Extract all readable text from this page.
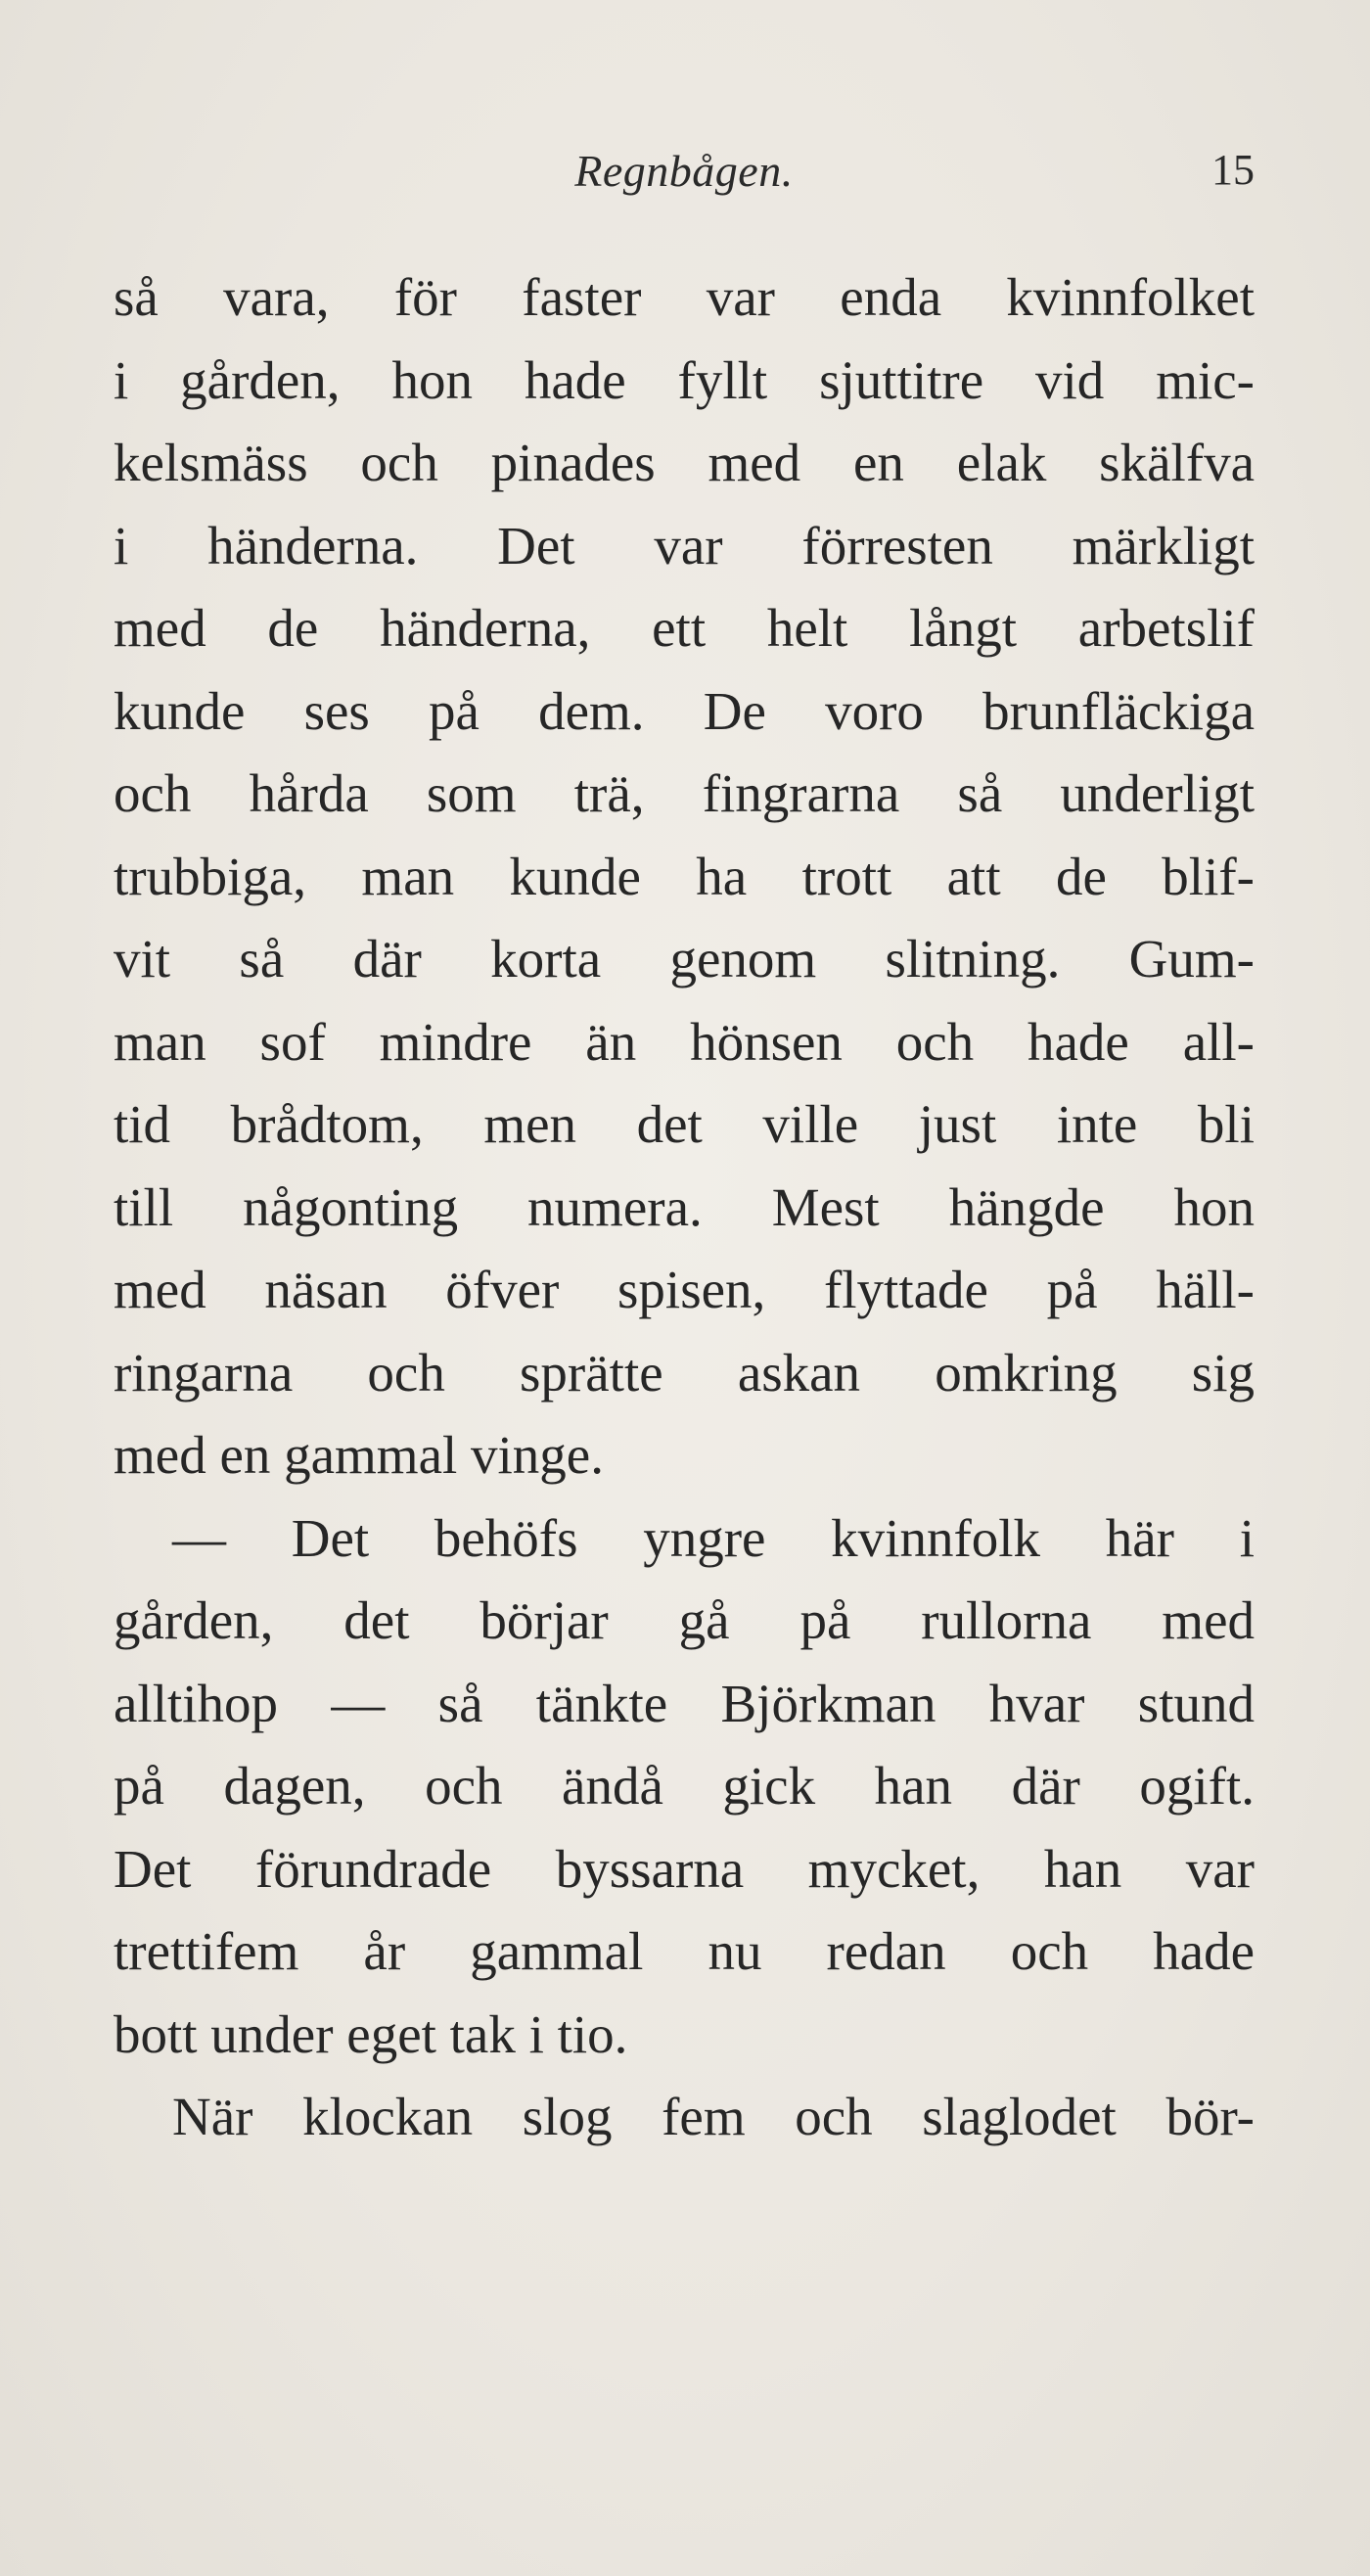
Regnbågen.	15
så vara, för faster var enda kvinnfolket
i gården, hon hade fyllt sjuttitre vid mic-
kelsmäss och pinades med en elak skälfva
i händerna. Det var förresten märkligt
med de händerna, ett helt långt arbetslif
kunde ses på dem. De voro brunfläckiga
och hårda som trä, fingrarna så underligt
trubbiga, man kunde ha trott att de blif-
vit så där korta genom slitning. Gum-
man sof mindre än hönsen och hade all-
tid brådtom, men det ville just inte bli
till någonting numera. Mest hängde hon
med näsan öfver spisen, flyttade på häll-
ringarna och sprätte askan omkring sig
med en gammal vinge.
— Det behöfs yngre kvinnfolk här i
gården, det börjar gå på rullorna med
alltihop — så tänkte Björkman hvar stund
på dagen, och ändå gick han där ogift.
Det förundrade byssarna mycket, han var
trettifem år gammal nu redan och hade
bott under eget tak i tio.
När klockan slog fem och slaglodet bör-
